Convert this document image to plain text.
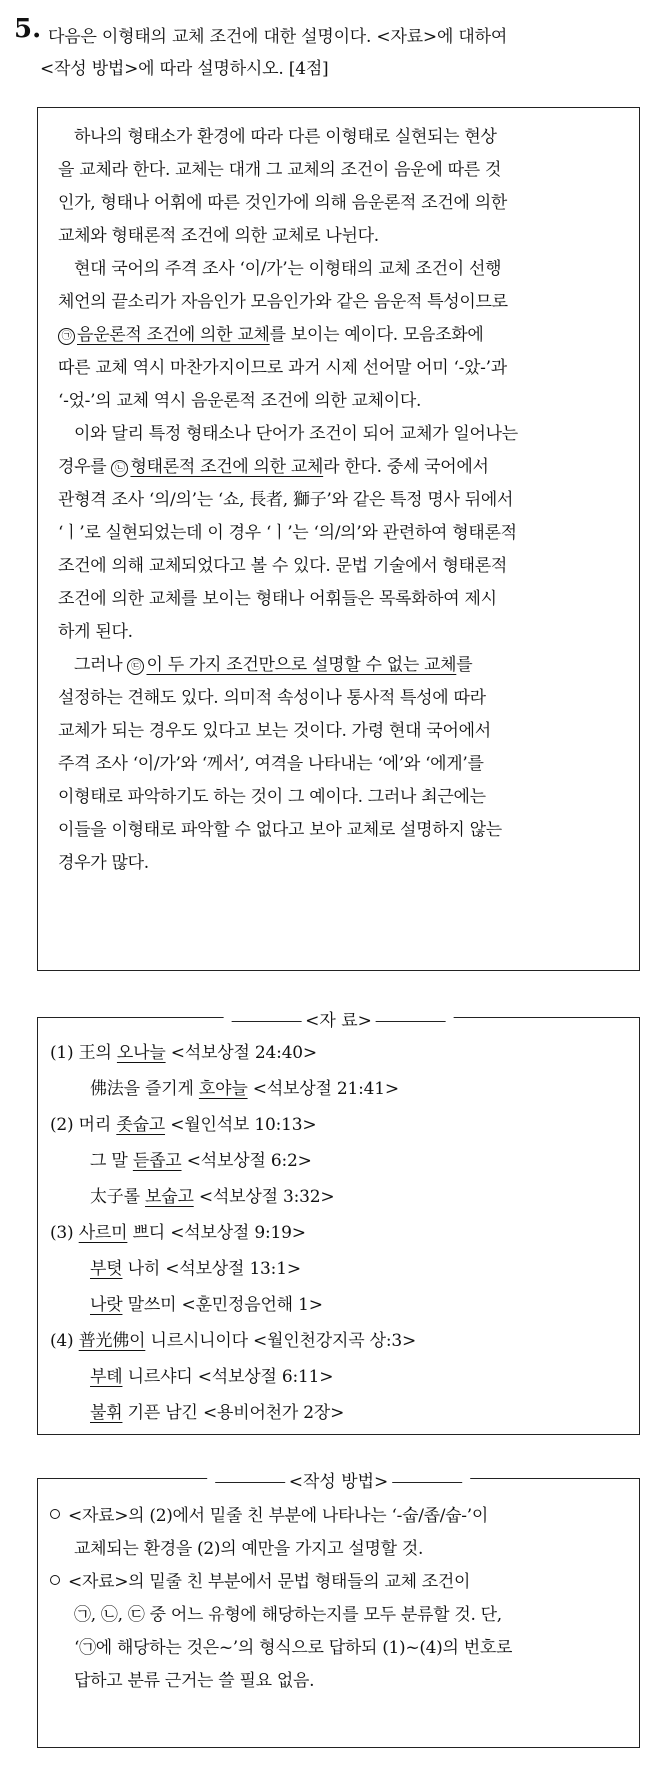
5. 다음은 이형태의 교체 조건에 대한 설명이다. <자료>에 대하여
<작성 방법>에 따라 설명하시오. [4점]
하나의 형태소가 환경에 따라 다른 이형태로 실현되는 현상
을 교체라 한다. 교체는 대개 그 교체의 조건이 음운에 따른 것
인가, 형태나 어휘에 따른 것인가에 의해 음운론적 조건에 의한
교체와 형태론적 조건에 의한 교체로 나뉜다.
현대 국어의 주격 조사 ‘이/가’는 이형태의 교체 조건이 선행
체언의 끝소리가 자음인가 모음인가와 같은 음운적 특성이므로
㉠ 음운론적 조건에 의한 교체를 보이는 예이다. 모음조화에
따른 교체 역시 마찬가지이므로 과거 시제 선어말 어미 ‘-았-’과
‘-었-’의 교체 역시 음운론적 조건에 의한 교체이다.
이와 달리 특정 형태소나 단어가 조건이 되어 교체가 일어나는
경우를 ㉡ 형태론적 조건에 의한 교체라 한다. 중세 국어에서
관형격 조사 ‘의/의’는 ‘쇼, 長者, 獅子’와 같은 특정 명사 뒤에서
‘ㅣ’로 실현되었는데 이 경우 ‘ㅣ’는 ‘의/의’와 관련하여 형태론적
조건에 의해 교체되었다고 볼 수 있다. 문법 기술에서 형태론적
조건에 의한 교체를 보이는 형태나 어휘들은 목록화하여 제시
하게 된다.
그러나 ㉢ 이 두 가지 조건만으로 설명할 수 없는 교체를
설정하는 견해도 있다. 의미적 속성이나 통사적 특성에 따라
교체가 되는 경우도 있다고 보는 것이다. 가령 현대 국어에서
주격 조사 ‘이/가’와 ‘께서’, 여격을 나타내는 ‘에’와 ‘에게’를
이형태로 파악하기도 하는 것이 그 예이다. 그러나 최근에는
이들을 이형태로 파악할 수 없다고 보아 교체로 설명하지 않는
경우가 많다.
<자 료>
(1) 王의 오나늘 <석보상절 24:40>
佛法을 즐기게 호야늘 <석보상절 21:41>
(2) 머리 좃숩고 <월인석보 10:13>
그 말 듣좁고 <석보상절 6:2>
太子롤 보숩고 <석보상절 3:32>
(3) 사르미 쁘디 <석보상절 9:19>
부텻 나히 <석보상절 13:1>
나랏 말쓰미 <훈민정음언해 1>
(4) 普光佛이 니르시니이다 <월인천강지곡 상:3>
부톄 니르샤디 <석보상절 6:11>
불휘 기픈 남긴 <용비어천가 2장>
<작성 방법>
<자료>의 (2)에서 밑줄 친 부분에 나타나는 ‘-숩/좁/숩-’이
교체되는 환경을 (2)의 예만을 가지고 설명할 것.
<자료>의 밑줄 친 부분에서 문법 형태들의 교체 조건이
㉠, ㉡, ㉢ 중 어느 유형에 해당하는지를 모두 분류할 것. 단,
‘㉠에 해당하는 것은~’의 형식으로 답하되 (1)~(4)의 번호로
답하고 분류 근거는 쓸 필요 없음.
